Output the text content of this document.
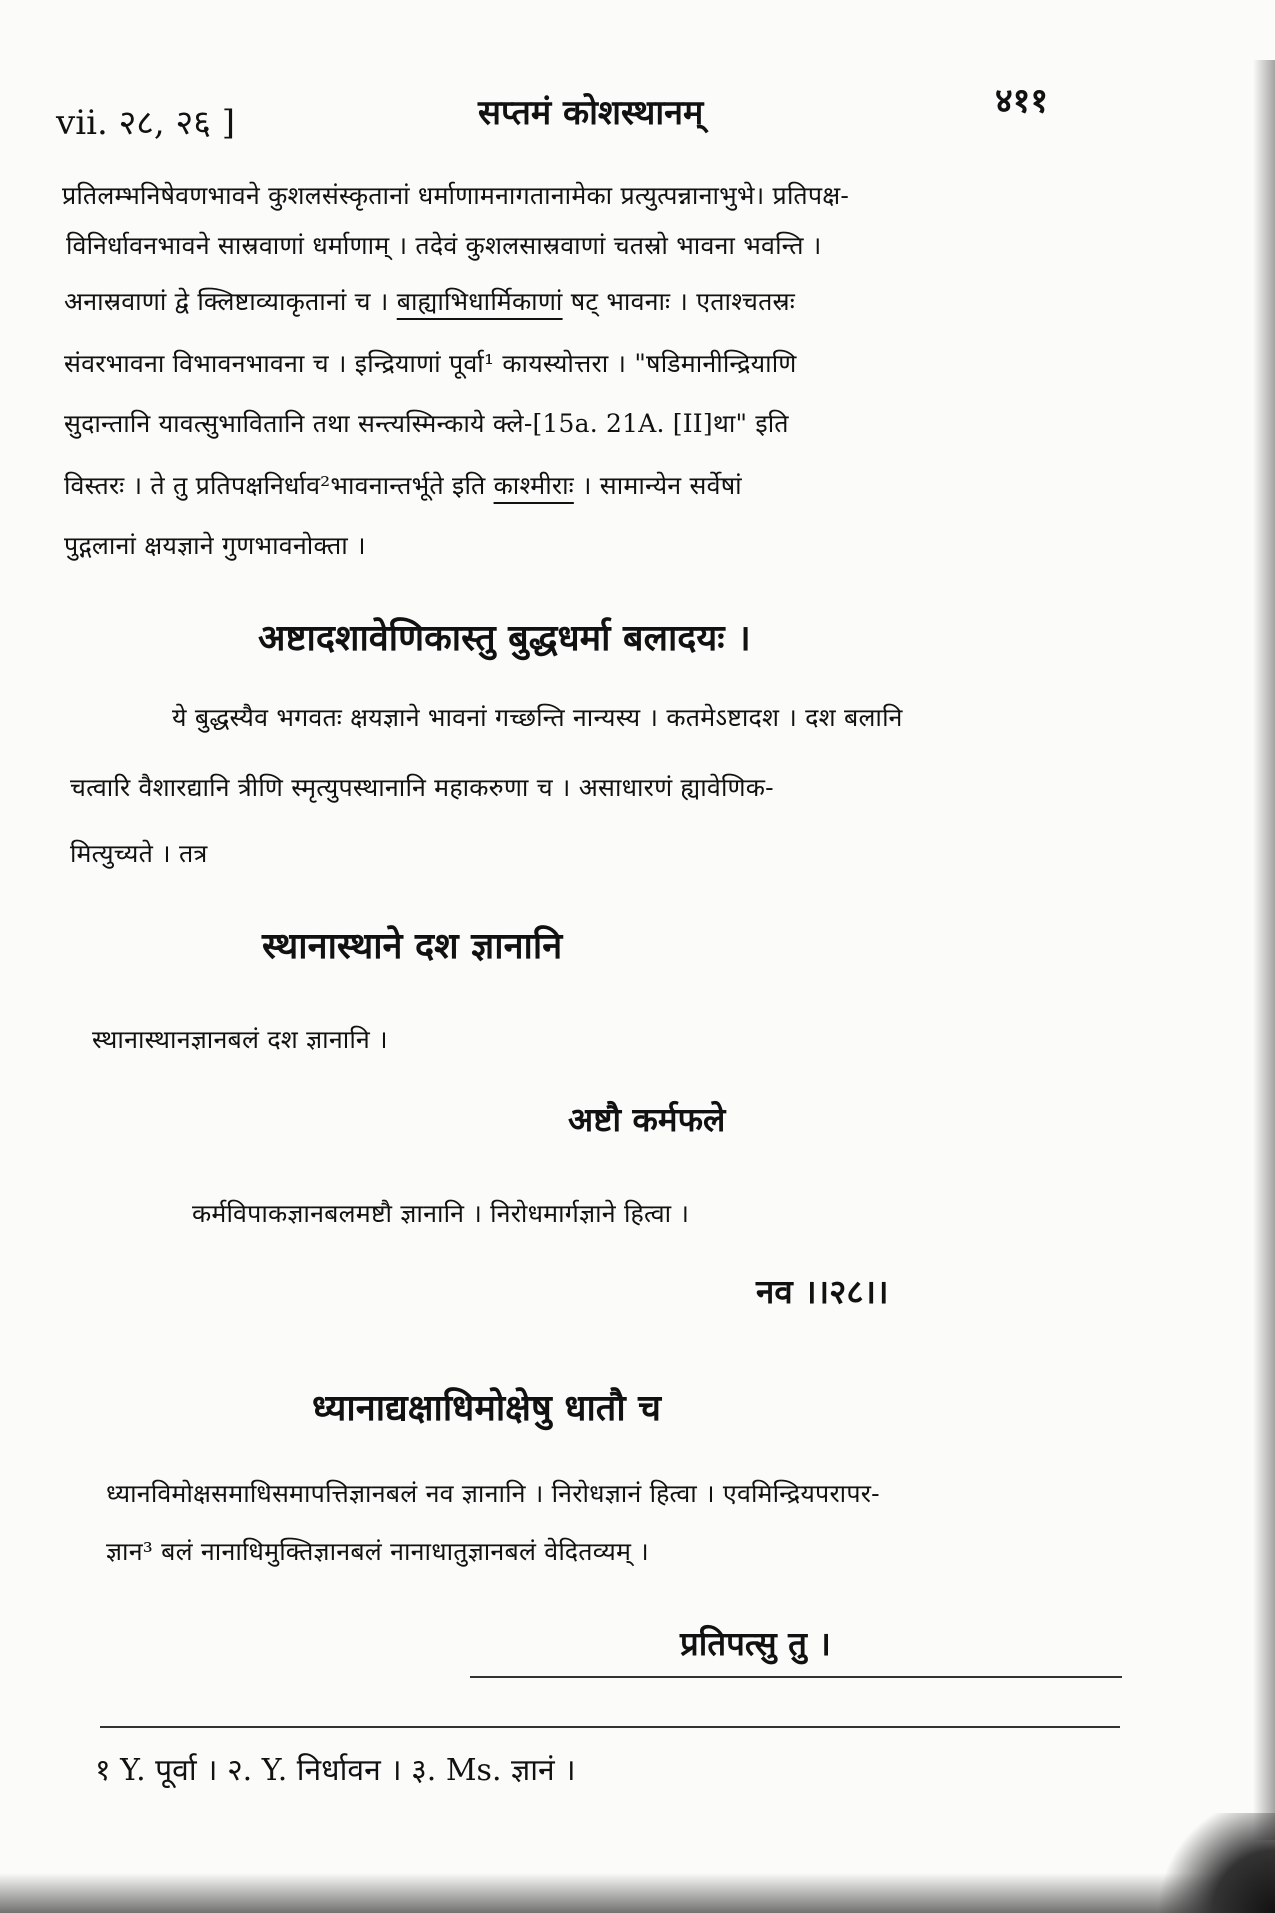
vii. २८, २६ ]	सप्तमं कोशस्थानम्	४११
प्रतिलम्भनिषेवणभावने कुशलसंस्कृतानां धर्माणामनागतानामेका प्रत्युत्पन्नानाभुभे। प्रतिपक्ष-
विनिर्धावनभावने सास्रवाणां धर्माणाम् । तदेवं कुशलसास्रवाणां चतस्रो भावना भवन्ति ।
अनास्रवाणां द्वे क्लिष्टाव्याकृतानां च । बाह्याभिधार्मिकाणां षट् भावनाः । एताश्चतस्रः
संवरभावना विभावनभावना च । इन्द्रियाणां पूर्वा¹ कायस्योत्तरा । "षडिमानीन्द्रियाणि
सुदान्तानि यावत्सुभावितानि तथा सन्त्यस्मिन्काये क्ले-[15a. 21A. [II]था" इति
विस्तरः । ते तु प्रतिपक्षनिर्धाव²भावनान्तर्भूते इति काश्मीराः । सामान्येन सर्वेषां
पुद्गलानां क्षयज्ञाने गुणभावनोक्ता ।
अष्टादशावेणिकास्तु बुद्धधर्मा बलादयः ।
ये बुद्धस्यैव भगवतः क्षयज्ञाने भावनां गच्छन्ति नान्यस्य । कतमेऽष्टादश । दश बलानि
चत्वारि वैशारद्यानि त्रीणि स्मृत्युपस्थानानि महाकरुणा च । असाधारणं ह्यावेणिक-
मित्युच्यते । तत्र
स्थानास्थाने दश ज्ञानानि
स्थानास्थानज्ञानबलं दश ज्ञानानि ।
अष्टौ कर्मफले
कर्मविपाकज्ञानबलमष्टौ ज्ञानानि । निरोधमार्गज्ञाने हित्वा ।
नव ।।२८।।
ध्यानाद्यक्षाधिमोक्षेषु धातौ च
ध्यानविमोक्षसमाधिसमापत्तिज्ञानबलं नव ज्ञानानि । निरोधज्ञानं हित्वा । एवमिन्द्रियपरापर-
ज्ञान³ बलं नानाधिमुक्तिज्ञानबलं नानाधातुज्ञानबलं वेदितव्यम् ।
प्रतिपत्सु तु ।
१ Y. पूर्वा । २. Y. निर्धावन । ३. Ms. ज्ञानं ।
